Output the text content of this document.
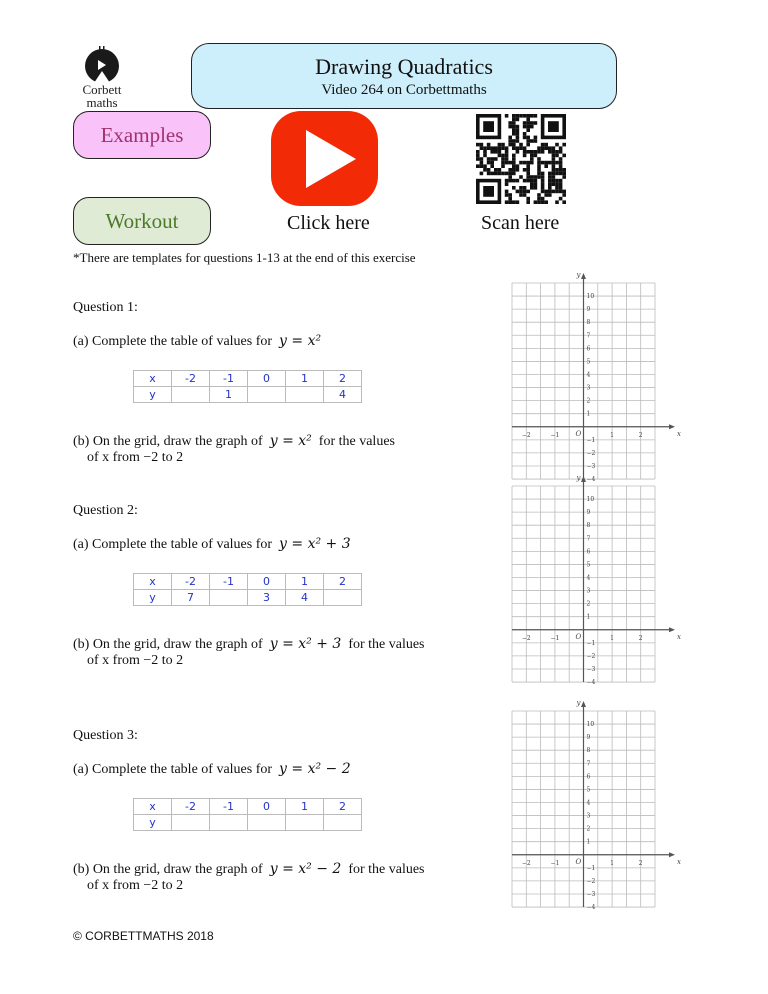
Corbett
maths
Drawing Quadratics
Video 264 on Corbettmaths
Examples
Workout	Click here	Scan here
*There are templates for questions 1-13 at the end of this exercise
Question 1:
(a) Complete the table of values for y = x²
x	-2	-1	0	1	2
y		1			4
(b) On the grid, draw the graph of y = x² for the values
of x from −2 to 2
−2	−1	1	2
10
9
8
7
6
5
4
3
2
1
−1
−2
−3
−4
O	x
y
Question 2:
(a) Complete the table of values for y = x² + 3
x	-2	-1	0	1	2
y	7		3	4	
(b) On the grid, draw the graph of y = x² + 3 for the values
of x from −2 to 2
−2	−1	1	2
10
9
8
7
6
5
4
3
2
1
−1
−2
−3
−4
O	x
y
Question 3:
(a) Complete the table of values for y = x² − 2
x	-2	-1	0	1	2
y					
(b) On the grid, draw the graph of y = x² − 2 for the values
of x from −2 to 2
−2	−1	1	2
10
9
8
7
6
5
4
3
2
1
−1
−2
−3
−4
O	x
y
© CORBETTMATHS 2018
